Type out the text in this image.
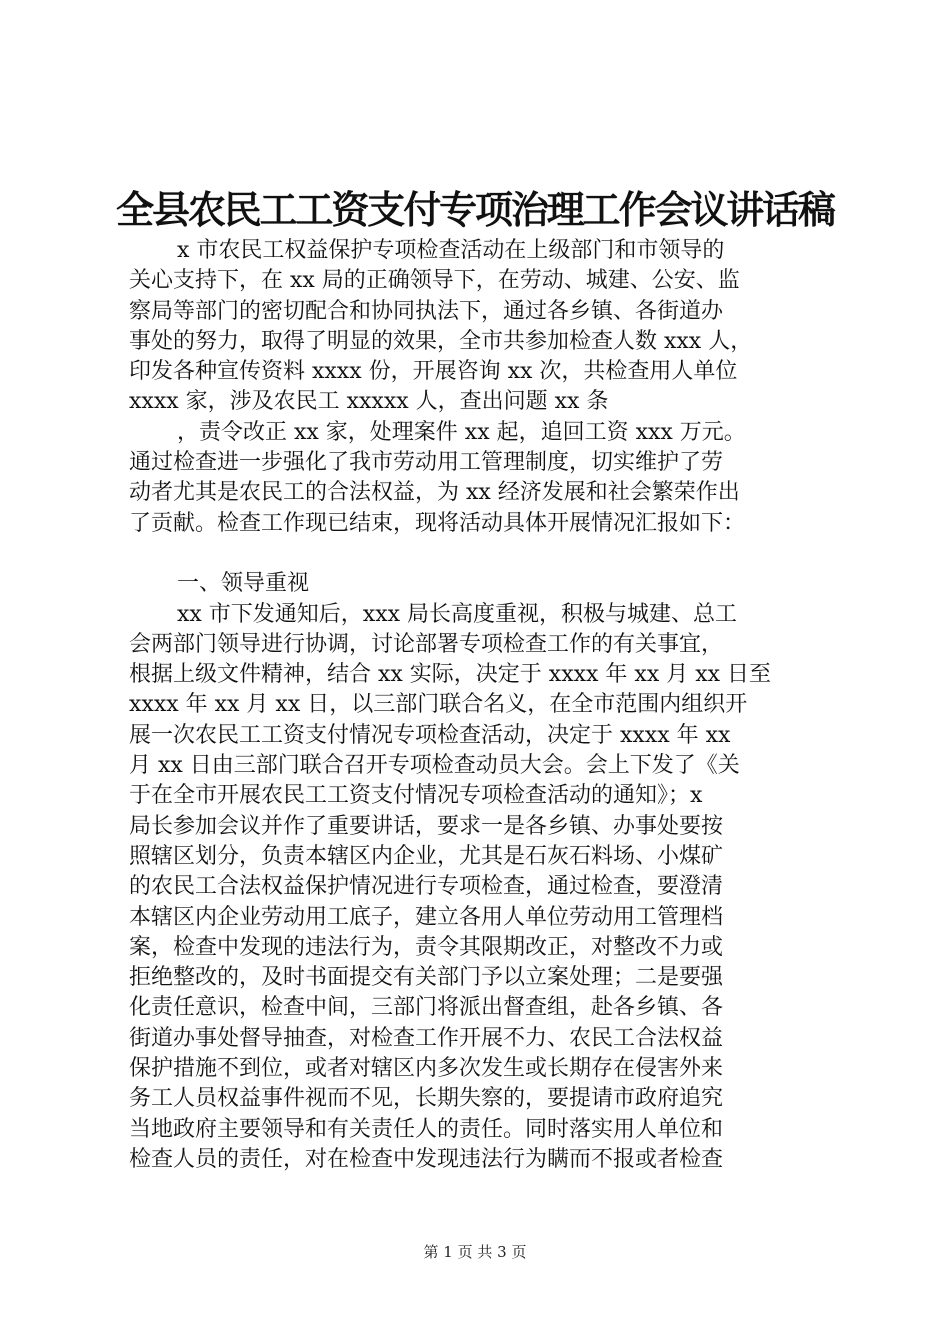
全县农民工工资支付专项治理工作会议讲话稿
x 市农民工权益保护专项检查活动在上级部门和市领导的
关心支持下，在 xx 局的正确领导下，在劳动、城建、公安、监
察局等部门的密切配合和协同执法下，通过各乡镇、各街道办
事处的努力，取得了明显的效果，全市共参加检查人数 xxx 人，
印发各种宣传资料 xxxx 份，开展咨询 xx 次，共检查用人单位
xxxx 家，涉及农民工 xxxxx 人，查出问题 xx 条
，责令改正 xx 家，处理案件 xx 起，追回工资 xxx 万元。
通过检查进一步强化了我市劳动用工管理制度，切实维护了劳
动者尤其是农民工的合法权益，为 xx 经济发展和社会繁荣作出
了贡献。检查工作现已结束，现将活动具体开展情况汇报如下：
一、领导重视
xx 市下发通知后，xxx 局长高度重视，积极与城建、总工
会两部门领导进行协调，讨论部署专项检查工作的有关事宜，
根据上级文件精神，结合 xx 实际，决定于 xxxx 年 xx 月 xx 日至
xxxx 年 xx 月 xx 日，以三部门联合名义，在全市范围内组织开
展一次农民工工资支付情况专项检查活动，决定于 xxxx 年 xx
月 xx 日由三部门联合召开专项检查动员大会。会上下发了《关
于在全市开展农民工工资支付情况专项检查活动的通知》；x
局长参加会议并作了重要讲话，要求一是各乡镇、办事处要按
照辖区划分，负责本辖区内企业，尤其是石灰石料场、小煤矿
的农民工合法权益保护情况进行专项检查，通过检查，要澄清
本辖区内企业劳动用工底子，建立各用人单位劳动用工管理档
案，检查中发现的违法行为，责令其限期改正，对整改不力或
拒绝整改的，及时书面提交有关部门予以立案处理；二是要强
化责任意识，检查中间，三部门将派出督查组，赴各乡镇、各
街道办事处督导抽查，对检查工作开展不力、农民工合法权益
保护措施不到位，或者对辖区内多次发生或长期存在侵害外来
务工人员权益事件视而不见，长期失察的，要提请市政府追究
当地政府主要领导和有关责任人的责任。同时落实用人单位和
检查人员的责任，对在检查中发现违法行为瞒而不报或者检查
第 1 页 共 3 页
